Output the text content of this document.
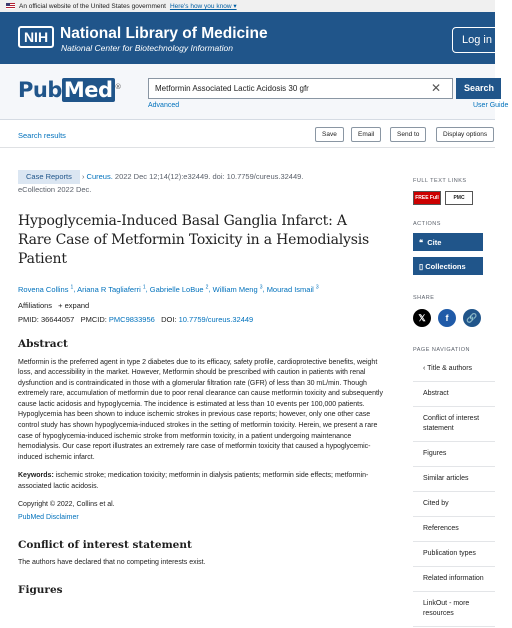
An official website of the United States government Here's how you know ▾
NIH National Library of Medicine
National Center for Biotechnology Information
Log in
PubMed ®
Metformin Associated Lactic Acidosis 30 gfr	✕	Search
Advanced	User Guide
Search results	Save	Email	Send to	Display options
Case Reports › Cureus. 2022 Dec 12;14(12):e32449. doi: 10.7759/cureus.32449.
eCollection 2022 Dec.
Hypoglycemia-Induced Basal Ganglia Infarct: A Rare Case of Metformin Toxicity in a Hemodialysis Patient
Rovena Collins $^1$, Ariana R Tagliaferri $^1$, Gabrielle LoBue $^2$, William Meng $^3$, Mourad Ismail $^3$
Affiliations + expand
PMID: 36644057 PMCID: PMC9833956 DOI: 10.7759/cureus.32449
Abstract

Metformin is the preferred agent in type 2 diabetes due to its efficacy, safety profile, cardioprotective benefits, weight loss, and accessibility in the market. However, Metformin should be prescribed with caution in patients with renal dysfunction and is contraindicated in those with a glomerular filtration rate (GFR) of less than 30 mL/min. Though extremely rare, accumulation of metformin due to poor renal clearance can cause metformin toxicity and subsequently cause lactic acidosis and hypoglycemia. The incidence is estimated at less than 10 events per 100,000 patients. Hypoglycemia has been shown to induce ischemic strokes in previous case reports; however, only one other case control study has shown hypoglycemia-induced strokes in the setting of metformin toxicity. Herein, we present a rare case of hypoglycemia-induced ischemic stroke from metformin toxicity, in a patient undergoing maintenance hemodialysis. Our case report illustrates an extremely rare case of metformin toxicity that caused a hypoglycemic-induced ischemic infarct.

Keywords: ischemic stroke; medication toxicity; metformin in dialysis patients; metformin side effects; metformin-associated lactic acidosis.

Copyright © 2022, Collins et al.

PubMed Disclaimer

Conflict of interest statement

The authors have declared that no competing interests exist.

Figures
FULL TEXT LINKS
FREE Full text
PMC
ACTIONS
❝ Cite
▯ Collections
SHARE
𝕏	f	🔗
PAGE NAVIGATION
‹ Title & authors
Abstract
Conflict of interest statement
Figures
Similar articles
Cited by
References
Publication types
Related information
LinkOut - more resources
